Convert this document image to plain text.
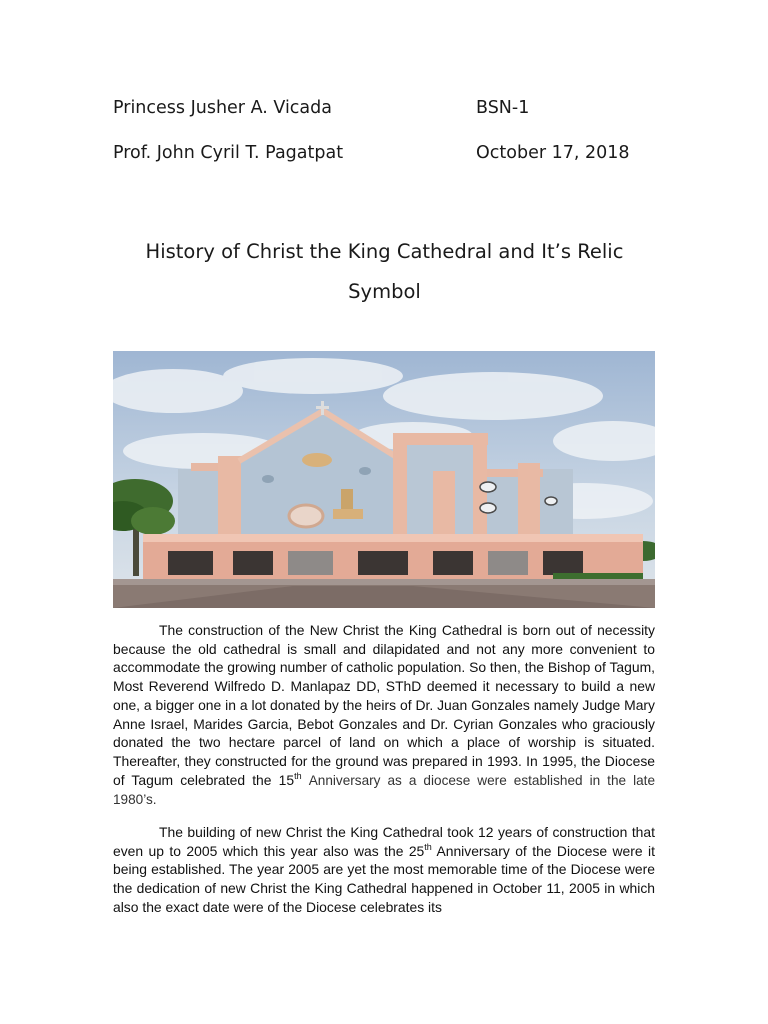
Princess Jusher A. Vicada	BSN-1
Prof. John Cyril T. Pagatpat	October 17, 2018
History of Christ the King Cathedral and It’s Relic
Symbol

The construction of the New Christ the King Cathedral is born out of necessity because the old cathedral is small and dilapidated and not any more convenient to accommodate the growing number of catholic population. So then, the Bishop of Tagum, Most Reverend Wilfredo D. Manlapaz DD, SThD deemed it necessary to build a new one, a bigger one in a lot donated by the heirs of Dr. Juan Gonzales namely Judge Mary Anne Israel, Marides Garcia, Bebot Gonzales and Dr. Cyrian Gonzales who graciously donated the two hectare parcel of land on which a place of worship is situated. Thereafter, they constructed for the ground was prepared in 1993. In 1995, the Diocese of Tagum celebrated the 15th Anniversary as a diocese were established in the late 1980’s.

The building of new Christ the King Cathedral took 12 years of construction that even up to 2005 which this year also was the 25th Anniversary of the Diocese were it being established. The year 2005 are yet the most memorable time of the Diocese were the dedication of new Christ the King Cathedral happened in October 11, 2005 in which also the exact date were of the Diocese celebrates its
